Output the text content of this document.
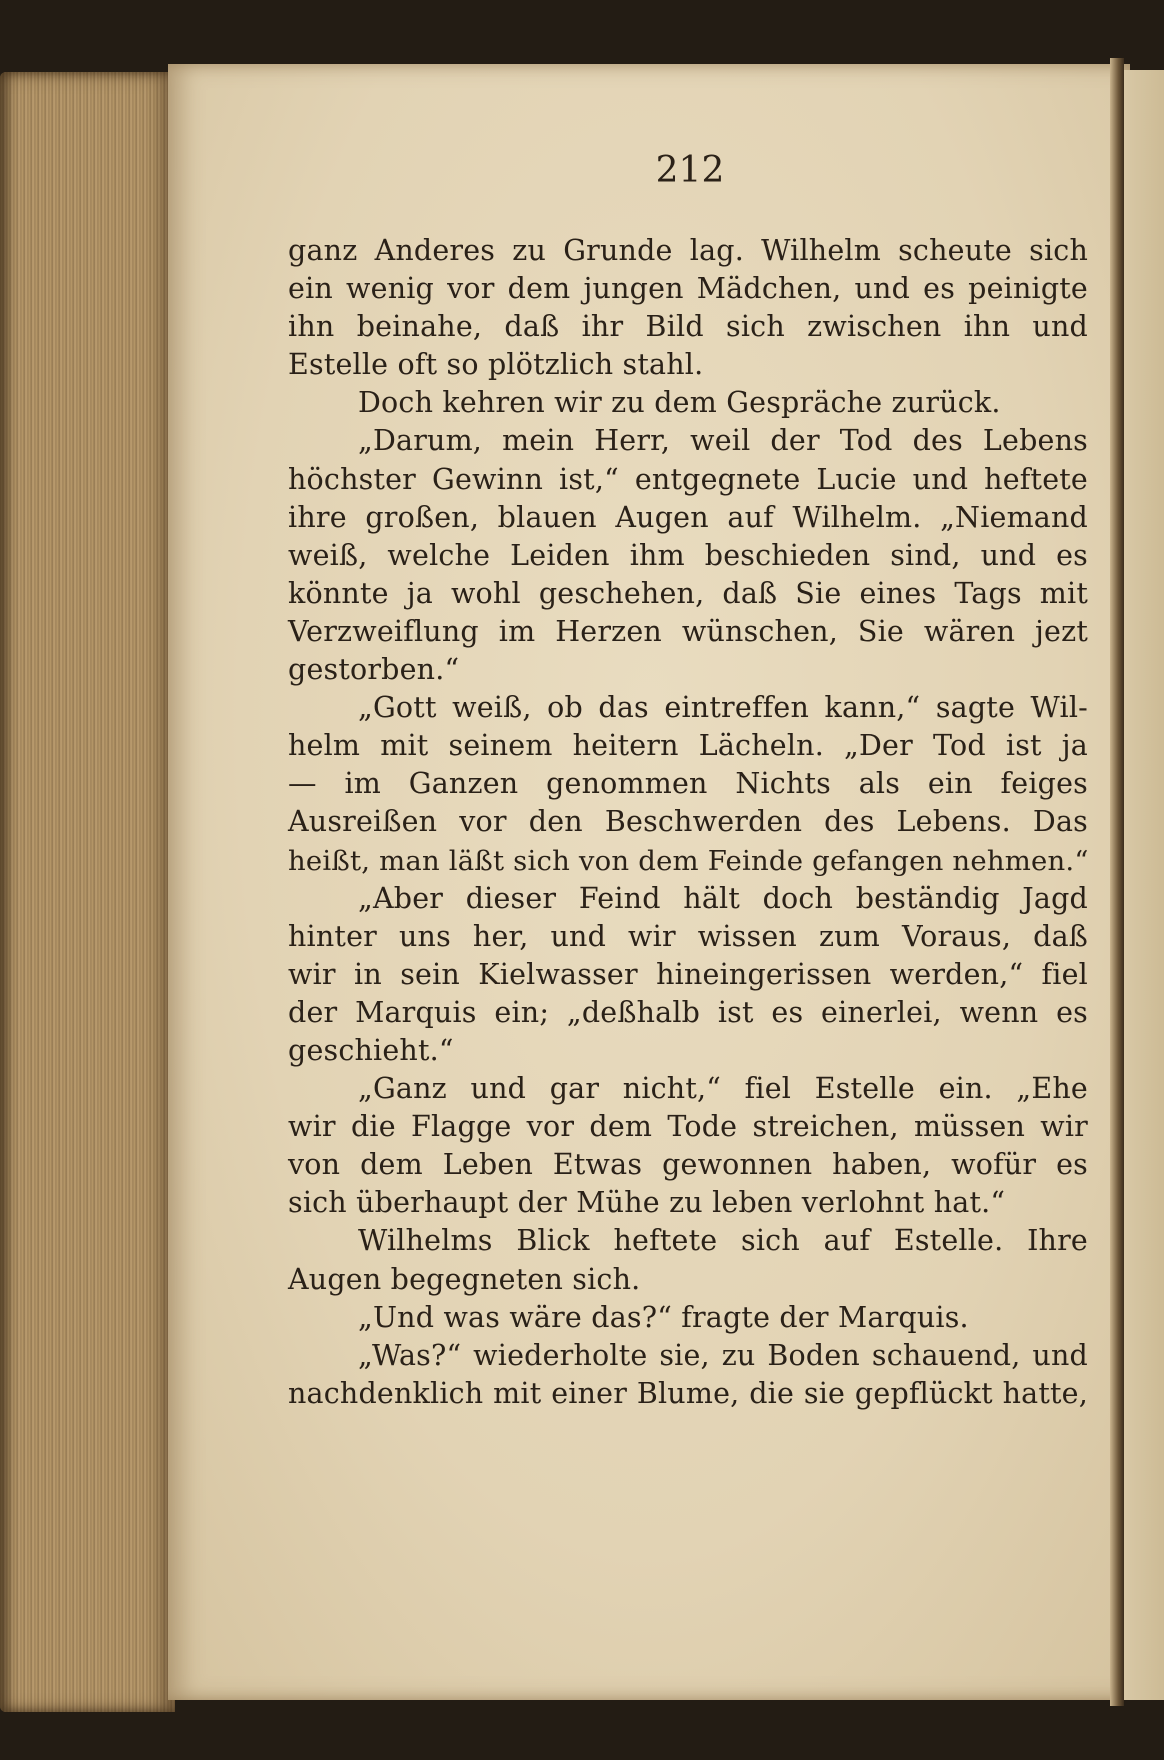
212

ganz Anderes zu Grunde lag. Wilhelm scheute sich
ein wenig vor dem jungen Mädchen, und es peinigte
ihn beinahe, daß ihr Bild sich zwischen ihn und
Estelle oft so plötzlich stahl.
Doch kehren wir zu dem Gespräche zurück.
„Darum, mein Herr, weil der Tod des Lebens
höchster Gewinn ist,“ entgegnete Lucie und heftete
ihre großen, blauen Augen auf Wilhelm. „Niemand
weiß, welche Leiden ihm beschieden sind, und es
könnte ja wohl geschehen, daß Sie eines Tags mit
Verzweiflung im Herzen wünschen, Sie wären jezt
gestorben.“
„Gott weiß, ob das eintreffen kann,“ sagte Wil-
helm mit seinem heitern Lächeln. „Der Tod ist ja
— im Ganzen genommen Nichts als ein feiges
Ausreißen vor den Beschwerden des Lebens. Das
heißt, man läßt sich von dem Feinde gefangen nehmen.“
„Aber dieser Feind hält doch beständig Jagd
hinter uns her, und wir wissen zum Voraus, daß
wir in sein Kielwasser hineingerissen werden,“ fiel
der Marquis ein; „deßhalb ist es einerlei, wenn es
geschieht.“
„Ganz und gar nicht,“ fiel Estelle ein. „Ehe
wir die Flagge vor dem Tode streichen, müssen wir
von dem Leben Etwas gewonnen haben, wofür es
sich überhaupt der Mühe zu leben verlohnt hat.“
Wilhelms Blick heftete sich auf Estelle. Ihre
Augen begegneten sich.
„Und was wäre das?“ fragte der Marquis.
„Was?“ wiederholte sie, zu Boden schauend, und
nachdenklich mit einer Blume, die sie gepflückt hatte,
